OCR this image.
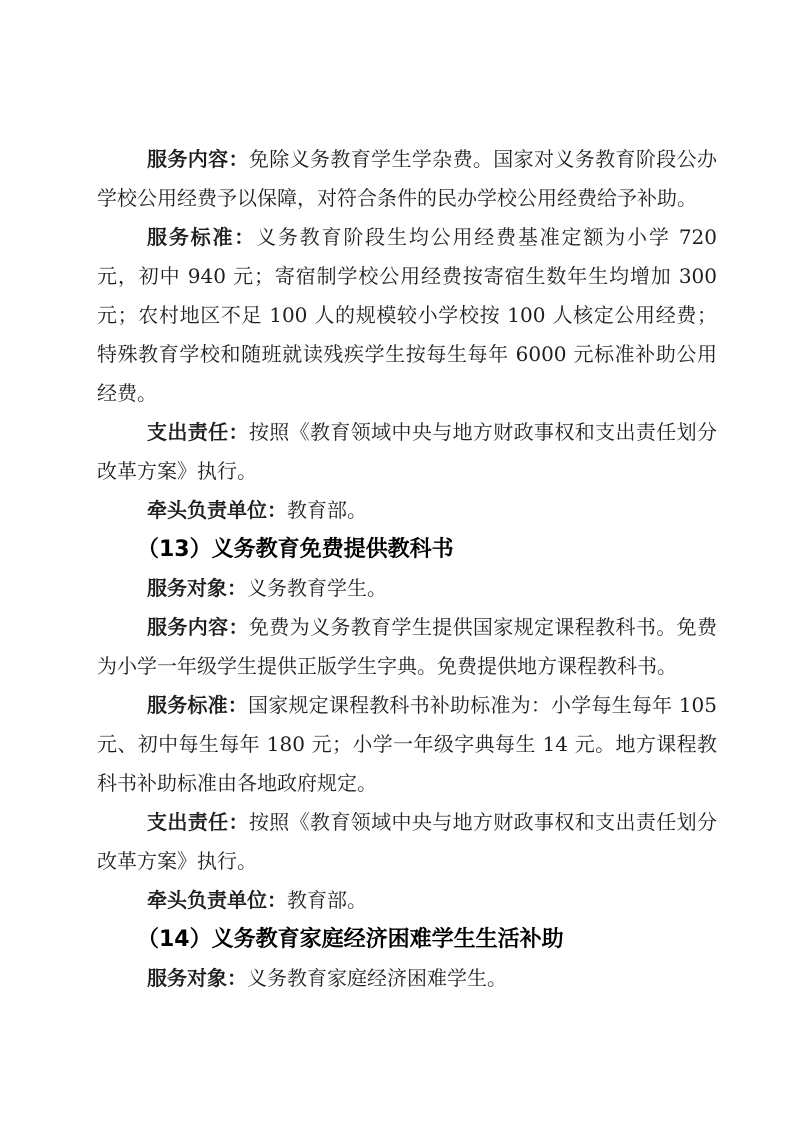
服务内容：免除义务教育学生学杂费。国家对义务教育阶段公办学校公用经费予以保障，对符合条件的民办学校公用经费给予补助。

服务标准：义务教育阶段生均公用经费基准定额为小学 720 元，初中 940 元；寄宿制学校公用经费按寄宿生数年生均增加 300 元；农村地区不足 100 人的规模较小学校按 100 人核定公用经费；特殊教育学校和随班就读残疾学生按每生每年 6000 元标准补助公用经费。

支出责任：按照《教育领域中央与地方财政事权和支出责任划分改革方案》执行。

牵头负责单位：教育部。

（13）义务教育免费提供教科书

服务对象：义务教育学生。

服务内容：免费为义务教育学生提供国家规定课程教科书。免费为小学一年级学生提供正版学生字典。免费提供地方课程教科书。

服务标准：国家规定课程教科书补助标准为：小学每生每年 105 元、初中每生每年 180 元；小学一年级字典每生 14 元。地方课程教科书补助标准由各地政府规定。

支出责任：按照《教育领域中央与地方财政事权和支出责任划分改革方案》执行。

牵头负责单位：教育部。

（14）义务教育家庭经济困难学生生活补助

服务对象：义务教育家庭经济困难学生。
